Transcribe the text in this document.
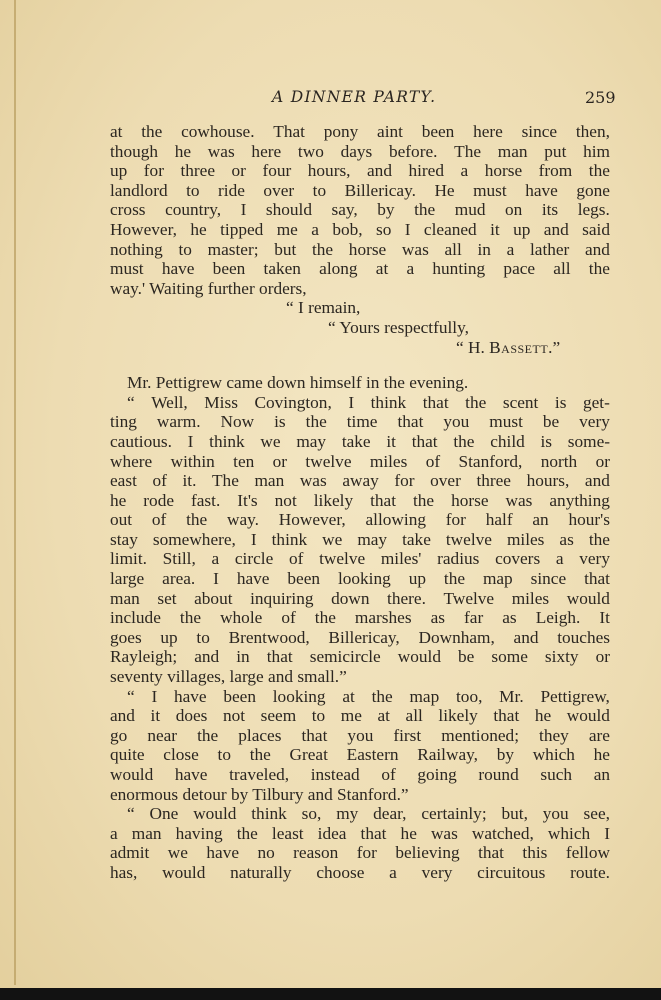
A DINNER PARTY.	259
at the cowhouse. That pony aint been here since then,
though he was here two days before. The man put him
up for three or four hours, and hired a horse from the
landlord to ride over to Billericay. He must have gone
cross country, I should say, by the mud on its legs.
However, he tipped me a bob, so I cleaned it up and said
nothing to master; but the horse was all in a lather and
must have been taken along at a hunting pace all the
way.' Waiting further orders,
“ I remain,
“ Yours respectfully,
“ H. Bassett.”
Mr. Pettigrew came down himself in the evening.
“ Well, Miss Covington, I think that the scent is get-
ting warm. Now is the time that you must be very
cautious. I think we may take it that the child is some-
where within ten or twelve miles of Stanford, north or
east of it. The man was away for over three hours, and
he rode fast. It's not likely that the horse was anything
out of the way. However, allowing for half an hour's
stay somewhere, I think we may take twelve miles as the
limit. Still, a circle of twelve miles' radius covers a very
large area. I have been looking up the map since that
man set about inquiring down there. Twelve miles would
include the whole of the marshes as far as Leigh. It
goes up to Brentwood, Billericay, Downham, and touches
Rayleigh; and in that semicircle would be some sixty or
seventy villages, large and small.”
“ I have been looking at the map too, Mr. Pettigrew,
and it does not seem to me at all likely that he would
go near the places that you first mentioned; they are
quite close to the Great Eastern Railway, by which he
would have traveled, instead of going round such an
enormous detour by Tilbury and Stanford.”
“ One would think so, my dear, certainly; but, you see,
a man having the least idea that he was watched, which I
admit we have no reason for believing that this fellow
has, would naturally choose a very circuitous route.
